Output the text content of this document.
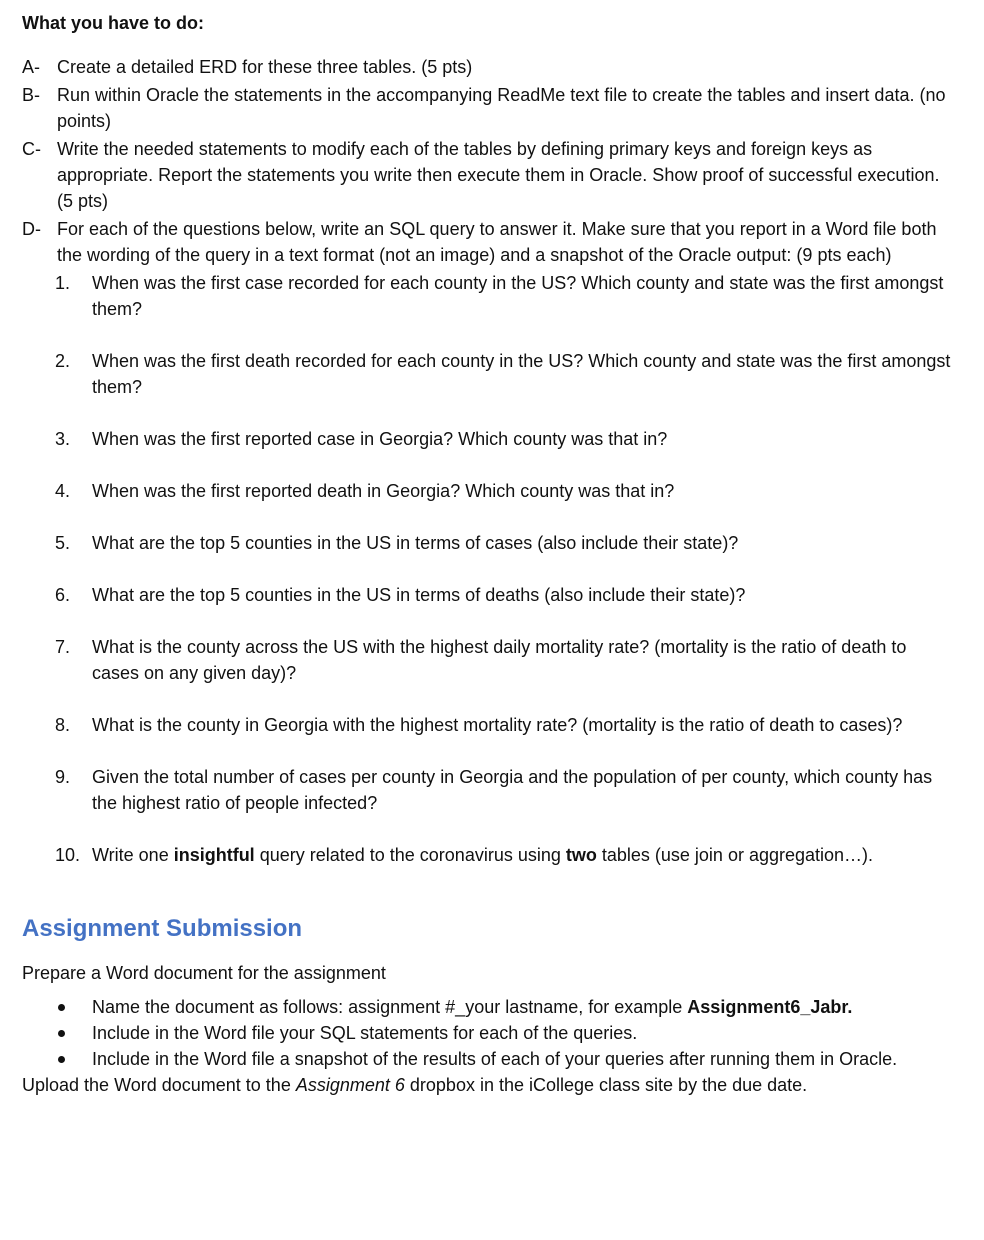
What you have to do:
A- Create a detailed ERD for these three tables. (5 pts)
B- Run within Oracle the statements in the accompanying ReadMe text file to create the tables and insert data. (no points)
C- Write the needed statements to modify each of the tables by defining primary keys and foreign keys as appropriate. Report the statements you write then execute them in Oracle. Show proof of successful execution. (5 pts)
D- For each of the questions below, write an SQL query to answer it. Make sure that you report in a Word file both the wording of the query in a text format (not an image) and a snapshot of the Oracle output: (9 pts each)
1. When was the first case recorded for each county in the US? Which county and state was the first amongst them?
2. When was the first death recorded for each county in the US? Which county and state was the first amongst them?
3. When was the first reported case in Georgia? Which county was that in?
4. When was the first reported death in Georgia? Which county was that in?
5. What are the top 5 counties in the US in terms of cases (also include their state)?
6. What are the top 5 counties in the US in terms of deaths (also include their state)?
7. What is the county across the US with the highest daily mortality rate? (mortality is the ratio of death to cases on any given day)?
8. What is the county in Georgia with the highest mortality rate? (mortality is the ratio of death to cases)?
9. Given the total number of cases per county in Georgia and the population of per county, which county has the highest ratio of people infected?
10. Write one insightful query related to the coronavirus using two tables (use join or aggregation…).
Assignment Submission
Prepare a Word document for the assignment
Name the document as follows: assignment #_your lastname, for example Assignment6_Jabr.
Include in the Word file your SQL statements for each of the queries.
Include in the Word file a snapshot of the results of each of your queries after running them in Oracle.
Upload the Word document to the Assignment 6 dropbox in the iCollege class site by the due date.
